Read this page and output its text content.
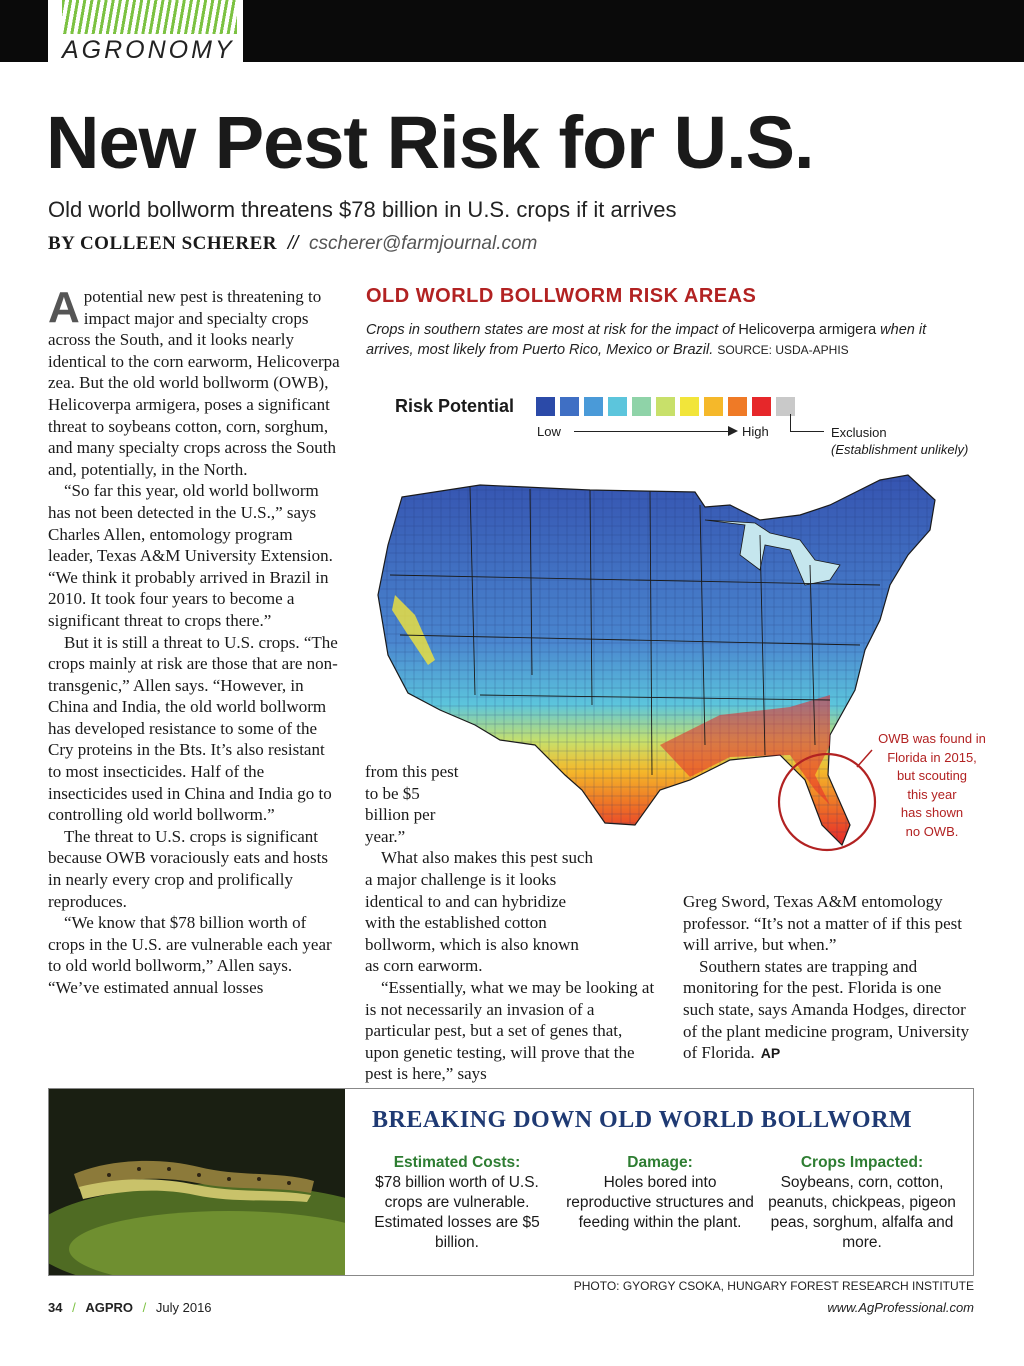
AGRONOMY
New Pest Risk for U.S.
Old world bollworm threatens $78 billion in U.S. crops if it arrives
BY COLLEEN SCHERER // cscherer@farmjournal.com

Apotential new pest is threatening to impact major and specialty crops across the South, and it looks nearly identical to the corn earworm, Helicoverpa zea. But the old world bollworm (OWB), Helicoverpa armigera, poses a significant threat to soybeans cotton, corn, sorghum, and many specialty crops across the South and, potentially, in the North.

“So far this year, old world bollworm has not been detected in the U.S.,” says Charles Allen, entomology program leader, Texas A&M University Extension. “We think it probably arrived in Brazil in 2010. It took four years to become a significant threat to crops there.”

But it is still a threat to U.S. crops. “The crops mainly at risk are those that are non-transgenic,” Allen says. “However, in China and India, the old world bollworm has developed resistance to some of the Cry proteins in the Bts. It’s also resistant to most insecticides. Half of the insecticides used in China and India go to controlling old world bollworm.”

The threat to U.S. crops is significant because OWB voraciously eats and hosts in nearly every crop and prolifically reproduces.

“We know that $78 billion worth of crops in the U.S. are vulnerable each year to old world bollworm,” Allen says. “We’ve estimated annual losses

OLD WORLD BOLLWORM RISK AREAS
Crops in southern states are most at risk for the impact of Helicoverpa armigera when it arrives, most likely from Puerto Rico, Mexico or Brazil. SOURCE: USDA-APHIS
Risk Potential
Low	High	Exclusion
(Establishment unlikely)
OWB was found in
Florida in 2015,
but scouting
this year
has shown
no OWB.

from this pest to be $5 billion per year.”

What also makes this pest such a major challenge is it looks identical to and can hybridize with the established cotton bollworm, which is also known as corn earworm.

“Essentially, what we may be looking at is not necessarily an invasion of a particular pest, but a set of genes that, upon genetic testing, will prove that the pest is here,” says

Greg Sword, Texas A&M entomology professor. “It’s not a matter of if this pest will arrive, but when.”

Southern states are trapping and monitoring for the pest. Florida is one such state, says Amanda Hodges, director of the plant medicine program, University of Florida. AP

BREAKING DOWN OLD WORLD BOLLWORM
Estimated Costs:
$78 billion worth of U.S. crops are vulnerable. Estimated losses are $5 billion.
Damage:
Holes bored into reproductive structures and feeding within the plant.
Crops Impacted:
Soybeans, corn, cotton, peanuts, chickpeas, pigeon peas, sorghum, alfalfa and more.
PHOTO: GYORGY CSOKA, HUNGARY FOREST RESEARCH INSTITUTE
34 / AGPRO / July 2016	www.AgProfessional.com
